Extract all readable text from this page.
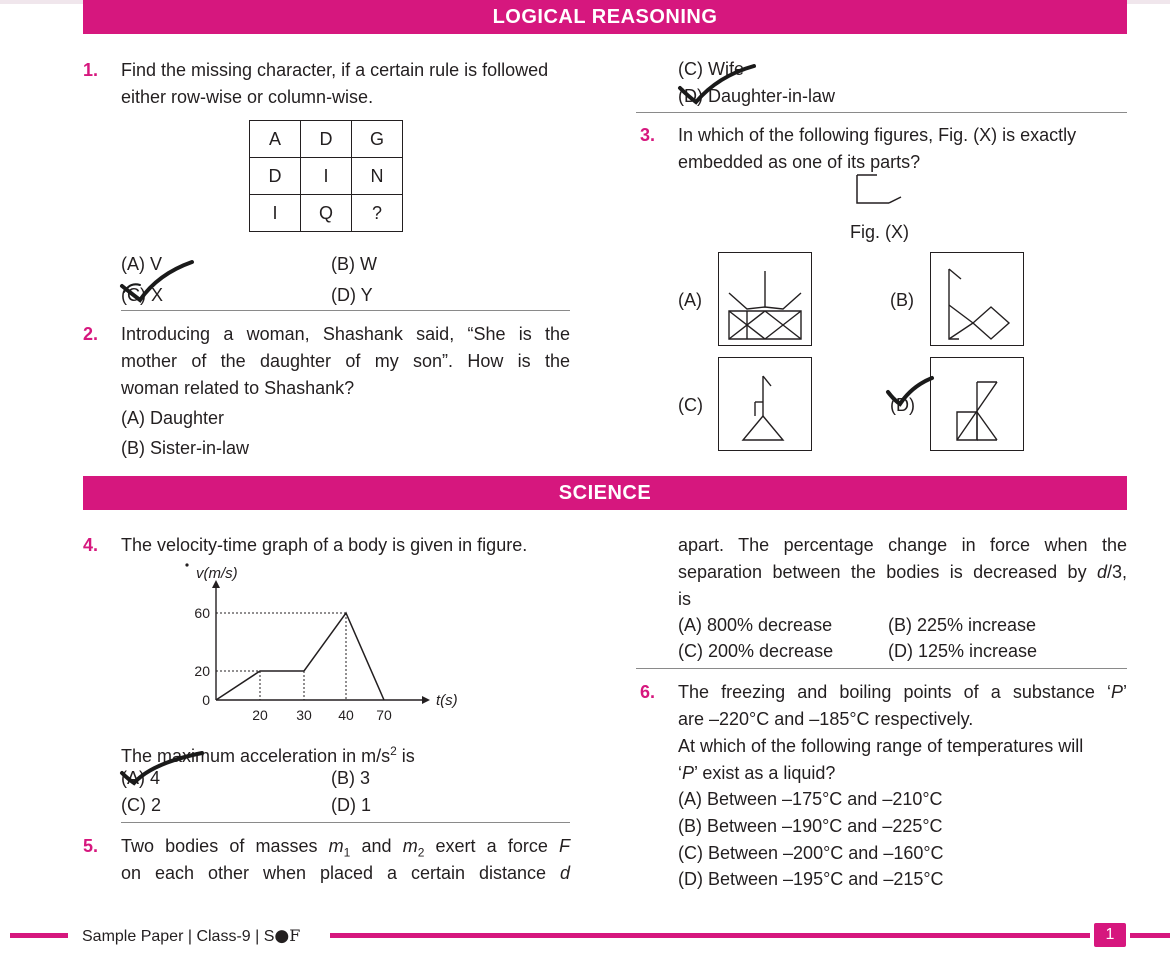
LOGICAL REASONING
1. Find the missing character, if a certain rule is followed
either row-wise or column-wise.
A	D	G
D	I	N
I	Q	?
(A) V	(B) W
(C) X	(D) Y
2. Introducing a woman, Shashank said, “She is the
mother of the daughter of my son”. How is the
woman related to Shashank?
(A) Daughter
(B) Sister-in-law
(C) Wife
(D) Daughter-in-law
3. In which of the following figures, Fig. (X) is exactly
embedded as one of its parts?
Fig. (X)
(A)	(B)
(C)	(D)
SCIENCE
4. The velocity-time graph of a body is given in figure.
v(m/s)
t(s)
0
20
60
20 30 40 70
The maximum acceleration in $m/s^2$ is
(A) 4	(B) 3
(C) 2	(D) 1
5. Two bodies of masses $m_1$ and $m_2$ exert a force F
on each other when placed a certain distance d
apart. The percentage change in force when the
separation between the bodies is decreased by d/3,
is
(A) 800% decrease	(B) 225% increase
(C) 200% decrease	(D) 125% increase
6. The freezing and boiling points of a substance ‘P’
are –220°C and –185°C respectively.
At which of the following range of temperatures will
‘P’ exist as a liquid?
(A) Between –175°C and –210°C
(B) Between –190°C and –225°C
(C) Between –200°C and –160°C
(D) Between –195°C and –215°C
Sample Paper | Class-9 | S●F	1
